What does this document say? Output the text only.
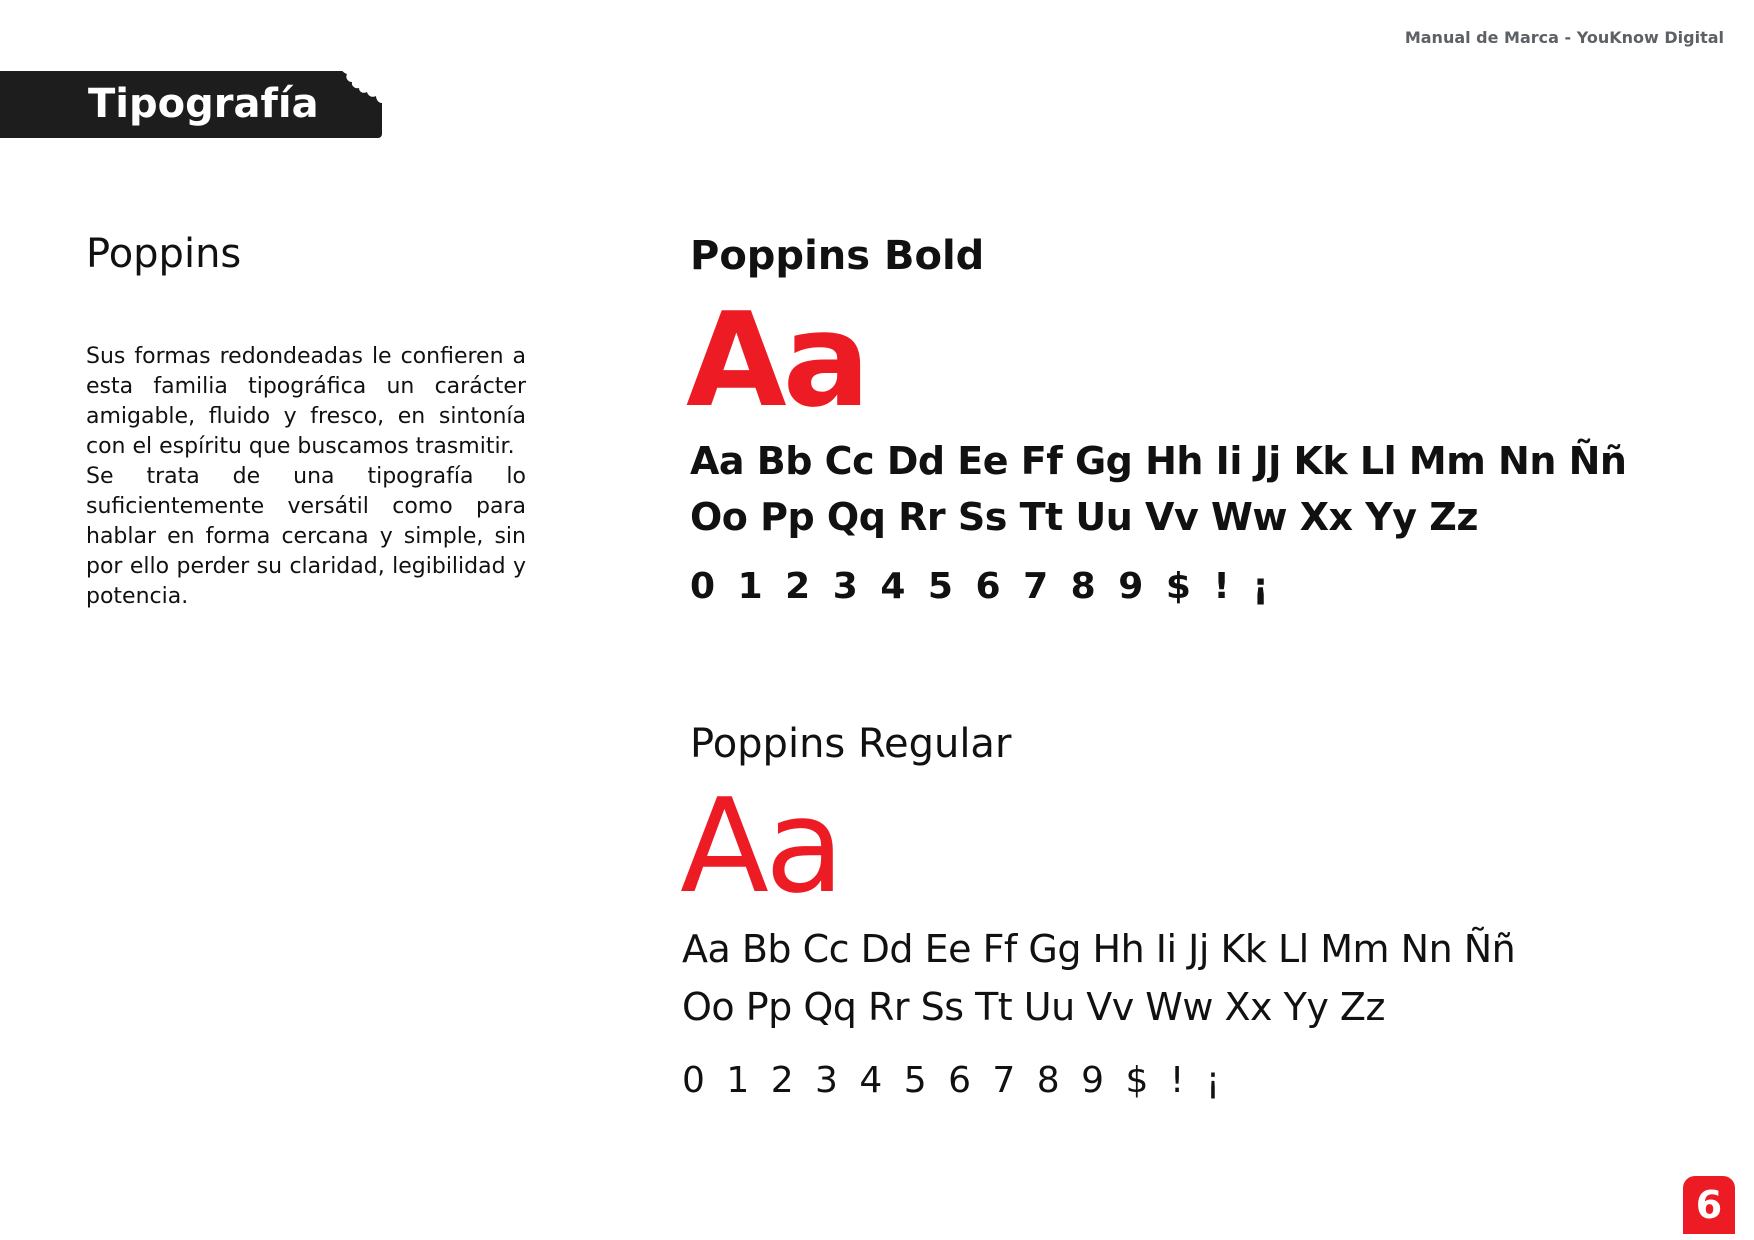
Manual de Marca - YouKnow Digital
Tipografía
Poppins

Sus formas redondeadas le confieren a esta familia tipográfica un carácter amigable, fluido y fresco, en sintonía con el espíritu que buscamos trasmitir.

Se trata de una tipografía lo suficientemente versátil como para hablar en forma cercana y simple, sin por ello perder su claridad, legibilidad y potencia.

Poppins Bold
Aa
Aa Bb Cc Dd Ee Ff Gg Hh Ii Jj Kk Ll Mm Nn Ññ
Oo Pp Qq Rr Ss Tt Uu Vv Ww Xx Yy Zz
0 1 2 3 4 5 6 7 8 9 $ ! ¡
Poppins Regular
Aa
Aa Bb Cc Dd Ee Ff Gg Hh Ii Jj Kk Ll Mm Nn Ññ
Oo Pp Qq Rr Ss Tt Uu Vv Ww Xx Yy Zz
0 1 2 3 4 5 6 7 8 9 $ ! ¡
6
